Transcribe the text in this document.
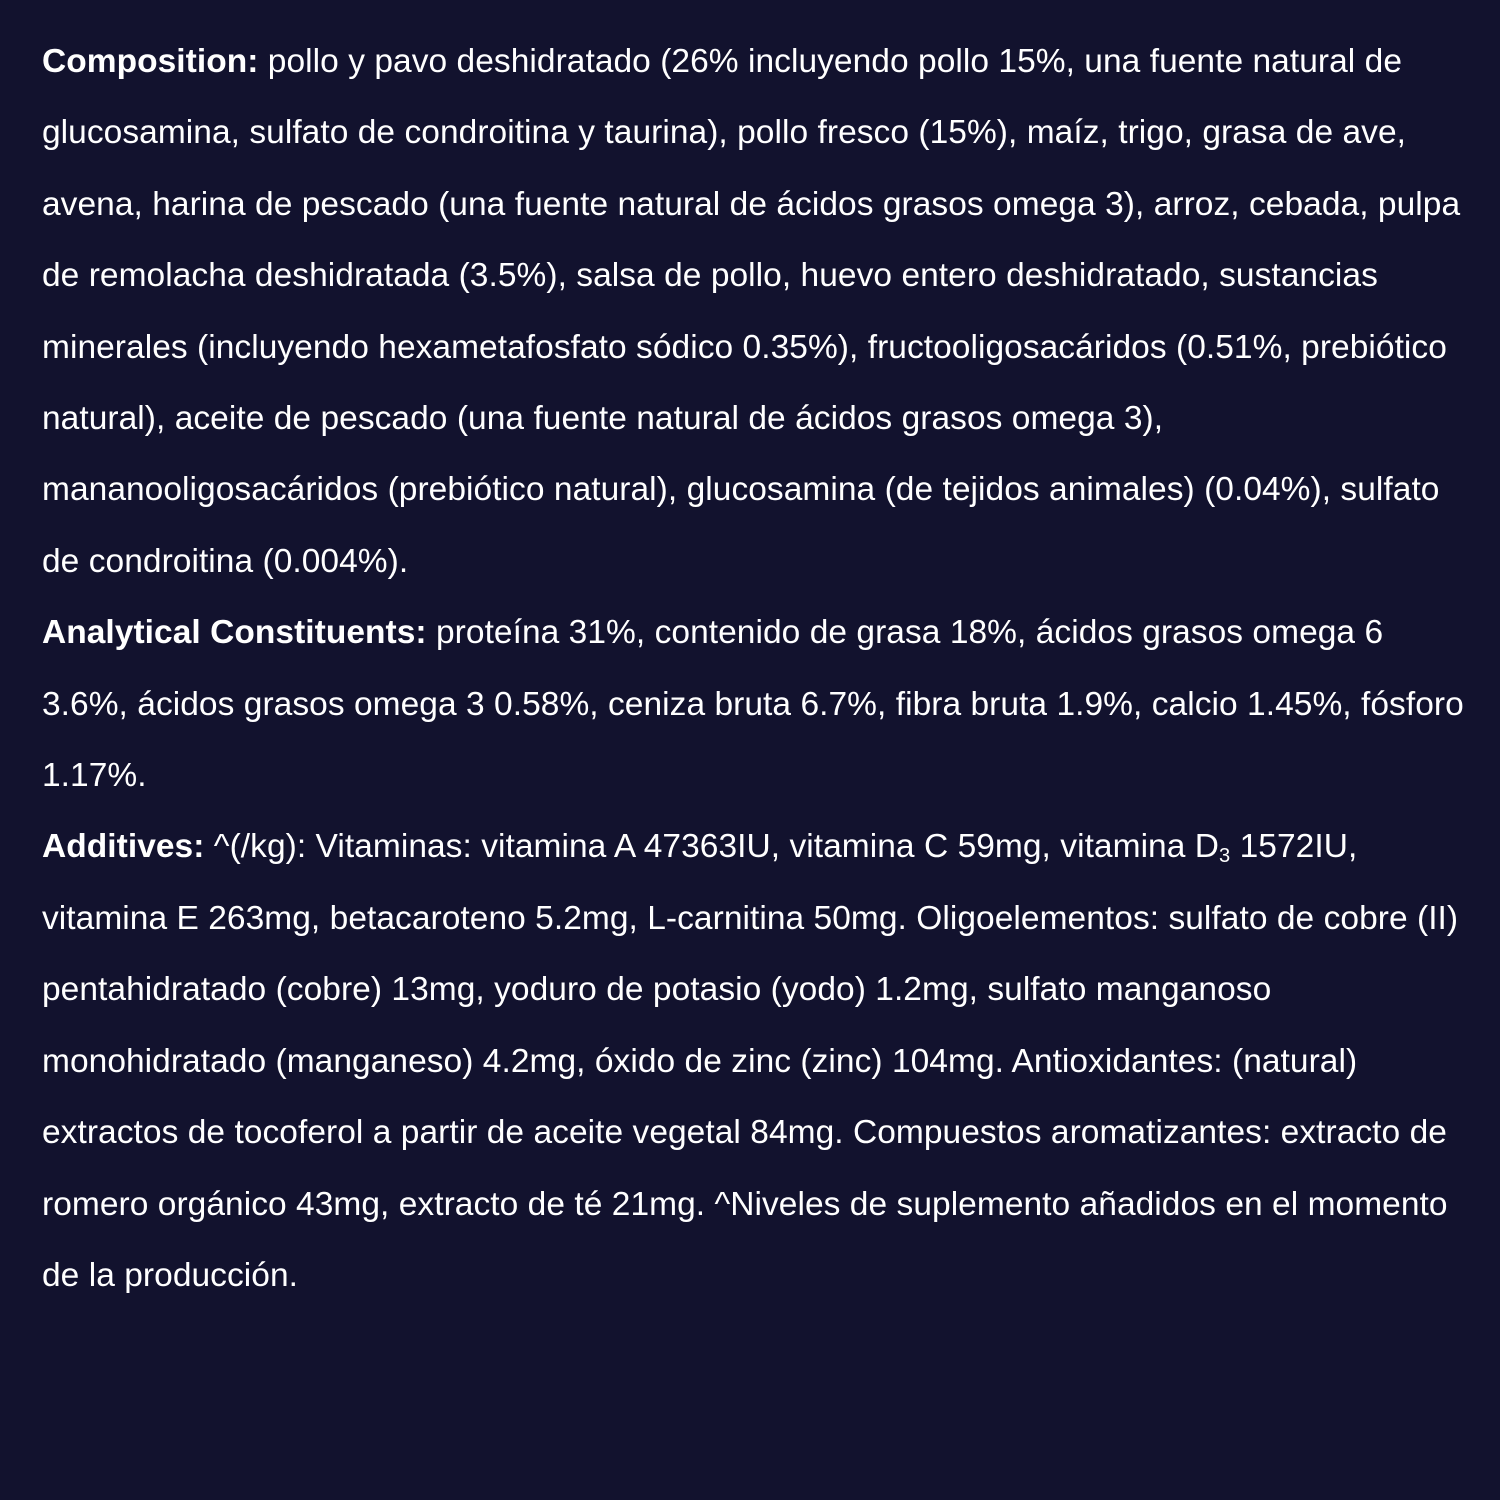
Composition: pollo y pavo deshidratado (26% incluyendo pollo 15%, una fuente natural de glucosamina, sulfato de condroitina y taurina), pollo fresco (15%), maíz, trigo, grasa de ave, avena, harina de pescado (una fuente natural de ácidos grasos omega 3), arroz, cebada, pulpa de remolacha deshidratada (3.5%), salsa de pollo, huevo entero deshidratado, sustancias minerales (incluyendo hexametafosfato sódico 0.35%), fructooligosacáridos (0.51%, prebiótico natural), aceite de pescado (una fuente natural de ácidos grasos omega 3), mananooligosacáridos (prebiótico natural), glucosamina (de tejidos animales) (0.04%), sulfato de condroitina (0.004%).

Analytical Constituents: proteína 31%, contenido de grasa 18%, ácidos grasos omega 6 3.6%, ácidos grasos omega 3 0.58%, ceniza bruta 6.7%, fibra bruta 1.9%, calcio 1.45%, fósforo 1.17%.

Additives: ^(/kg): Vitaminas: vitamina A 47363IU, vitamina C 59mg, vitamina D3 1572IU, vitamina E 263mg, betacaroteno 5.2mg, L-carnitina 50mg. Oligoelementos: sulfato de cobre (II) pentahidratado (cobre) 13mg, yoduro de potasio (yodo) 1.2mg, sulfato manganoso monohidratado (manganeso) 4.2mg, óxido de zinc (zinc) 104mg. Antioxidantes: (natural) extractos de tocoferol a partir de aceite vegetal 84mg. Compuestos aromatizantes: extracto de romero orgánico 43mg, extracto de té 21mg. ^Niveles de suplemento añadidos en el momento de la producción.
